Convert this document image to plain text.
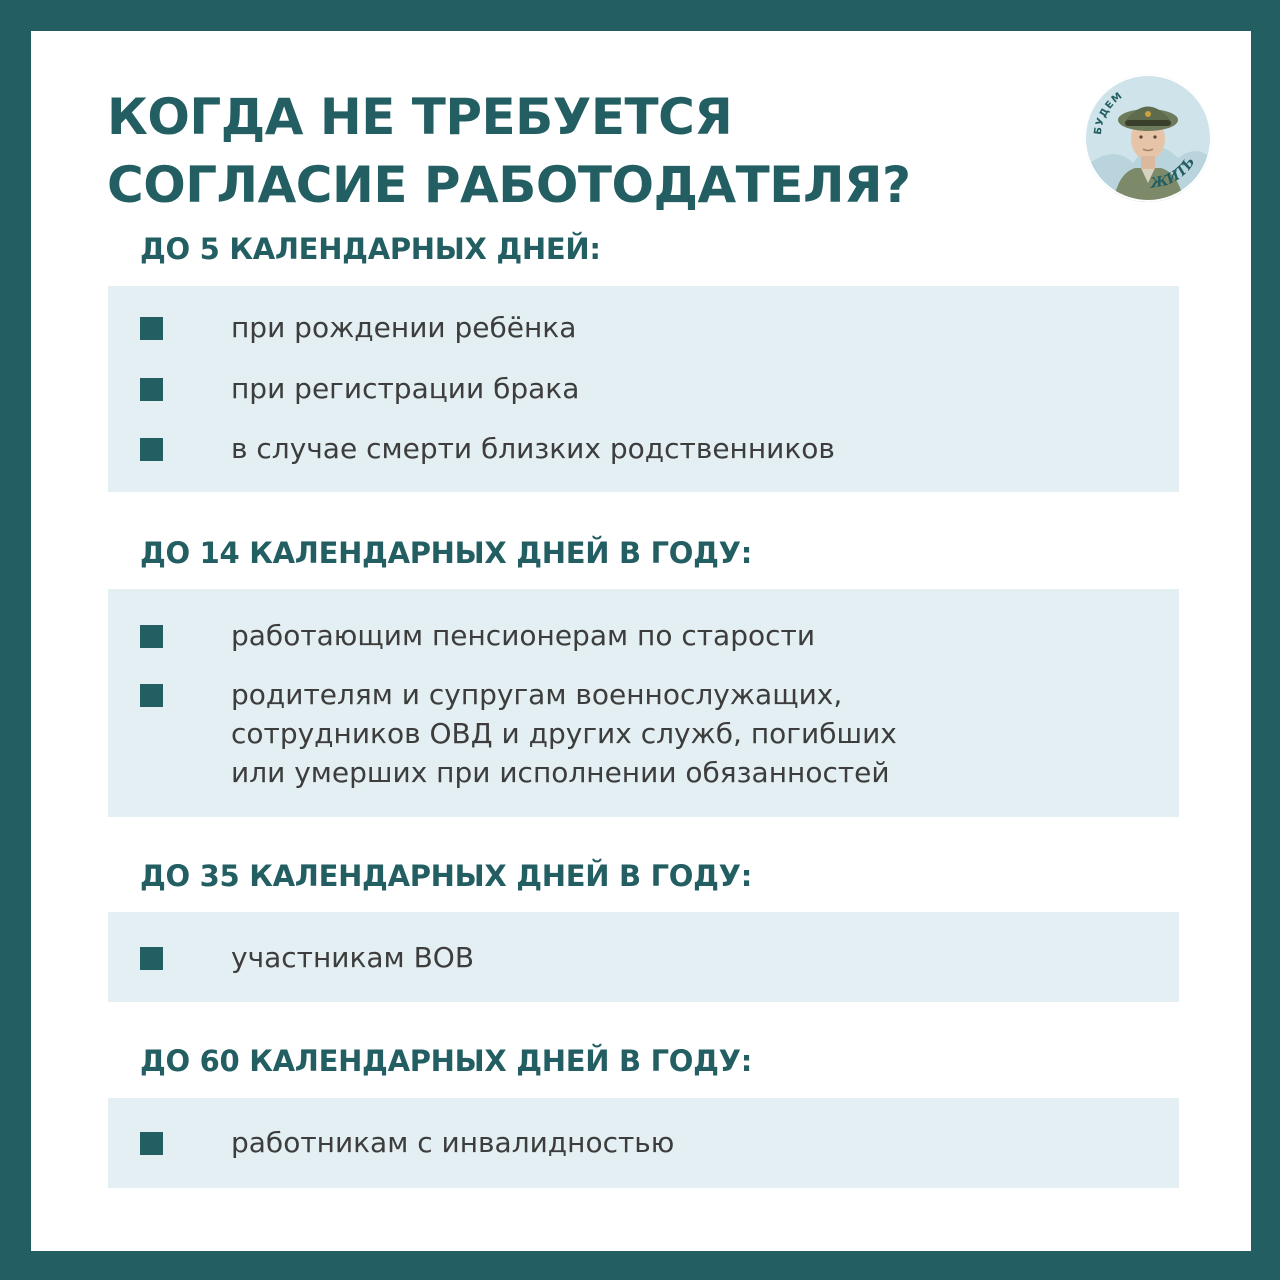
КОГДА НЕ ТРЕБУЕТСЯ
СОГЛАСИЕ РАБОТОДАТЕЛЯ?
БУДЕМ
ЖИТЬ
ДО 5 КАЛЕНДАРНЫХ ДНЕЙ:
при рождении ребёнка
при регистрации брака
в случае смерти близких родственников
ДО 14 КАЛЕНДАРНЫХ ДНЕЙ В ГОДУ:
работающим пенсионерам по старости
родителям и супругам военнослужащих,
сотрудников ОВД и других служб, погибших
или умерших при исполнении обязанностей
ДО 35 КАЛЕНДАРНЫХ ДНЕЙ В ГОДУ:
участникам ВОВ
ДО 60 КАЛЕНДАРНЫХ ДНЕЙ В ГОДУ:
работникам с инвалидностью
